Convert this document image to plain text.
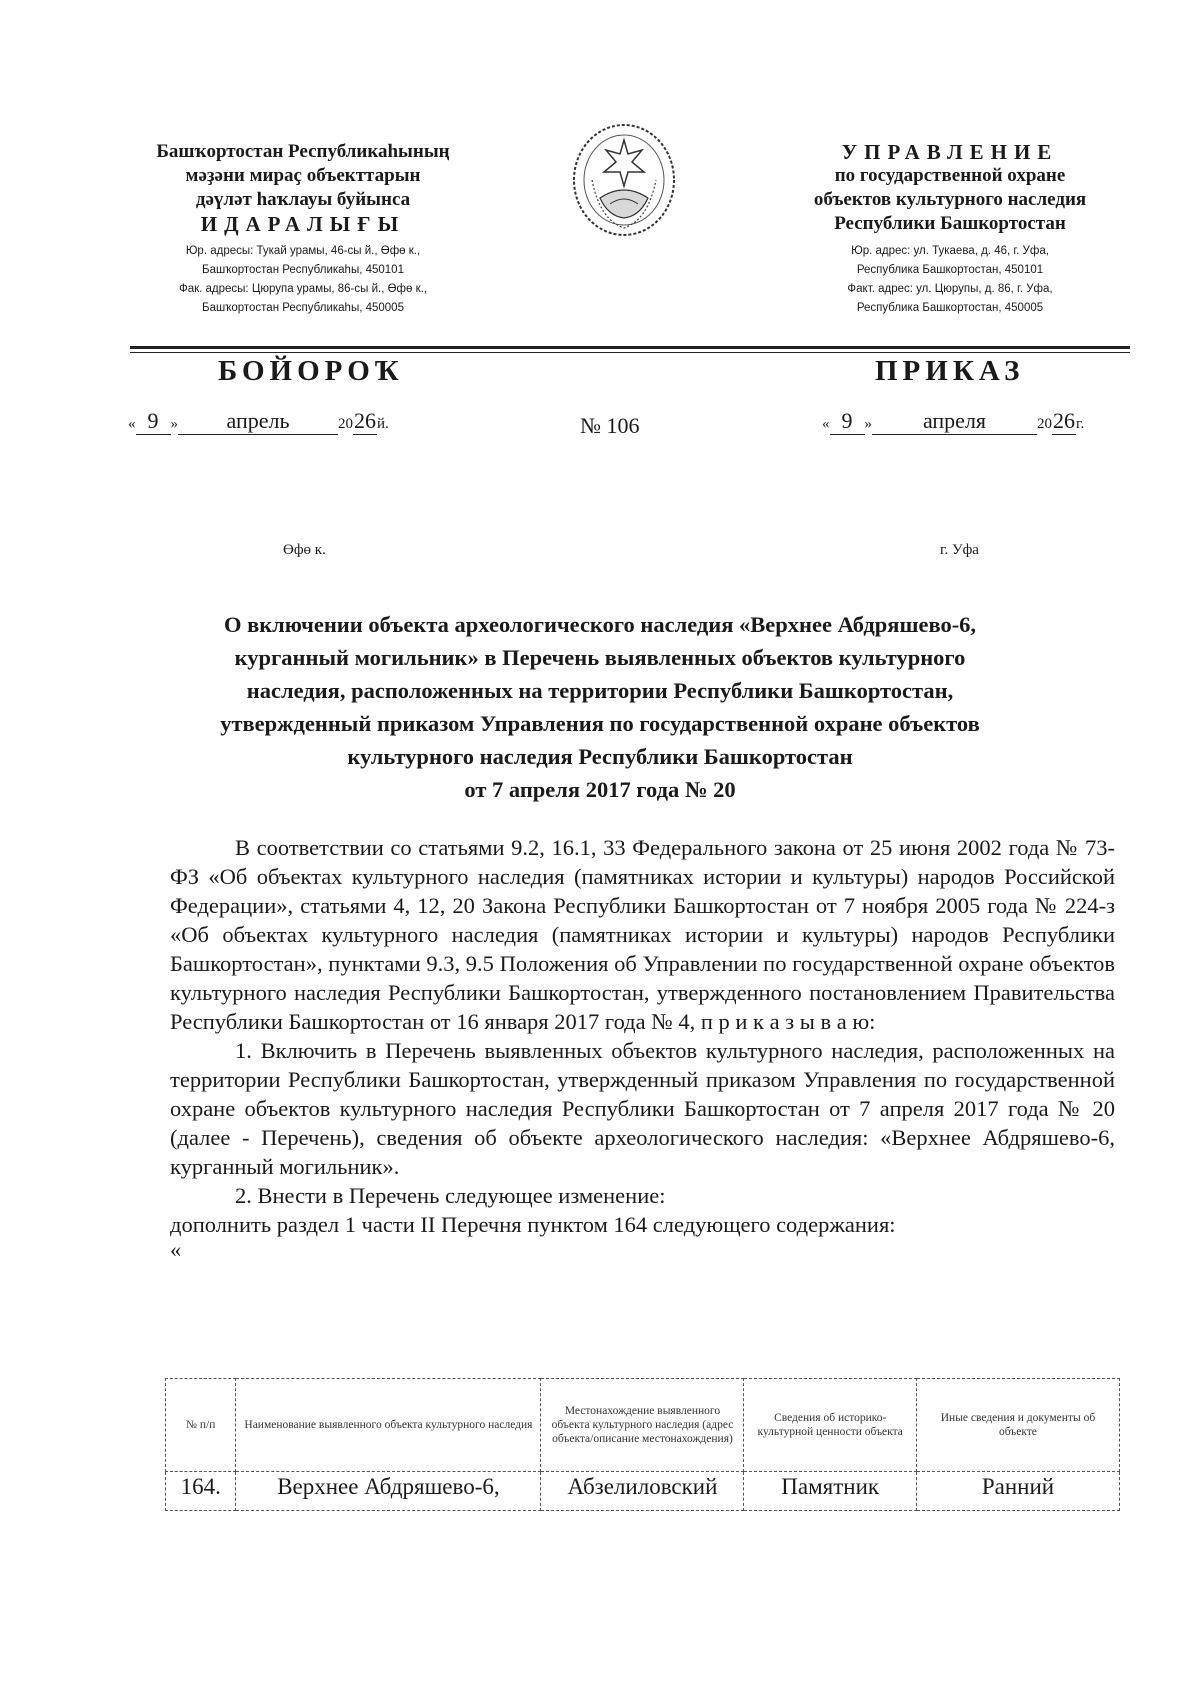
Башҡортостан Республикаһының
мәҙәни мираҫ объекттарын
дәүләт һаҡлауы буйынса
ИДАРАЛЫҒЫ
Юр. адресы: Тукай урамы, 46-сы й., Өфө к.,
Башҡортостан Республикаһы, 450101
Фак. адресы: Цюрупа урамы, 86-сы й., Өфө к.,
Башҡортостан Республикаһы, 450005
УПРАВЛЕНИЕ
по государственной охране
объектов культурного наследия
Республики Башкортостан
Юр. адрес: ул. Тукаева, д. 46, г. Уфа,
Республика Башкортостан, 450101
Факт. адрес: ул. Цюрупы, д. 86, г. Уфа,
Республика Башкортостан, 450005
БОЙОРОҠ	ПРИКАЗ
« 9 » апрель	2026й.	№ 106	« 9 » апреля	2026г.
Өфө к.	г. Уфа
О включении объекта археологического наследия «Верхнее Абдряшево-6,
курганный могильник» в Перечень выявленных объектов культурного
наследия, расположенных на территории Республики Башкортостан,
утвержденный приказом Управления по государственной охране объектов
культурного наследия Республики Башкортостан
от 7 апреля 2017 года № 20

В соответствии со статьями 9.2, 16.1, 33 Федерального закона от 25 июня 2002 года № 73-ФЗ «Об объектах культурного наследия (памятниках истории и культуры) народов Российской Федерации», статьями 4, 12, 20 Закона Республики Башкортостан от 7 ноября 2005 года № 224-з «Об объектах культурного наследия (памятниках истории и культуры) народов Республики Башкортостан», пунктами 9.3, 9.5 Положения об Управлении по государственной охране объектов культурного наследия Республики Башкортостан, утвержденного постановлением Правительства Республики Башкортостан от 16 января 2017 года № 4, п р и к а з ы в а ю:

1. Включить в Перечень выявленных объектов культурного наследия, расположенных на территории Республики Башкортостан, утвержденный приказом Управления по государственной охране объектов культурного наследия Республики Башкортостан от 7 апреля 2017 года № 20 (далее - Перечень), сведения об объекте археологического наследия: «Верхнее Абдряшево-6, курганный могильник».

2. Внести в Перечень следующее изменение:

дополнить раздел 1 части II Перечня пунктом 164 следующего содержания:

«

№ п/п	Наименование выявленного объекта культурного наследия	Местонахождение выявленного объекта культурного наследия (адрес объекта/описание местонахождения)	Сведения об историко-культурной ценности объекта	Иные сведения и документы об объекте
164.	Верхнее Абдряшево-6,	Абзелиловский	Памятник	Ранний
